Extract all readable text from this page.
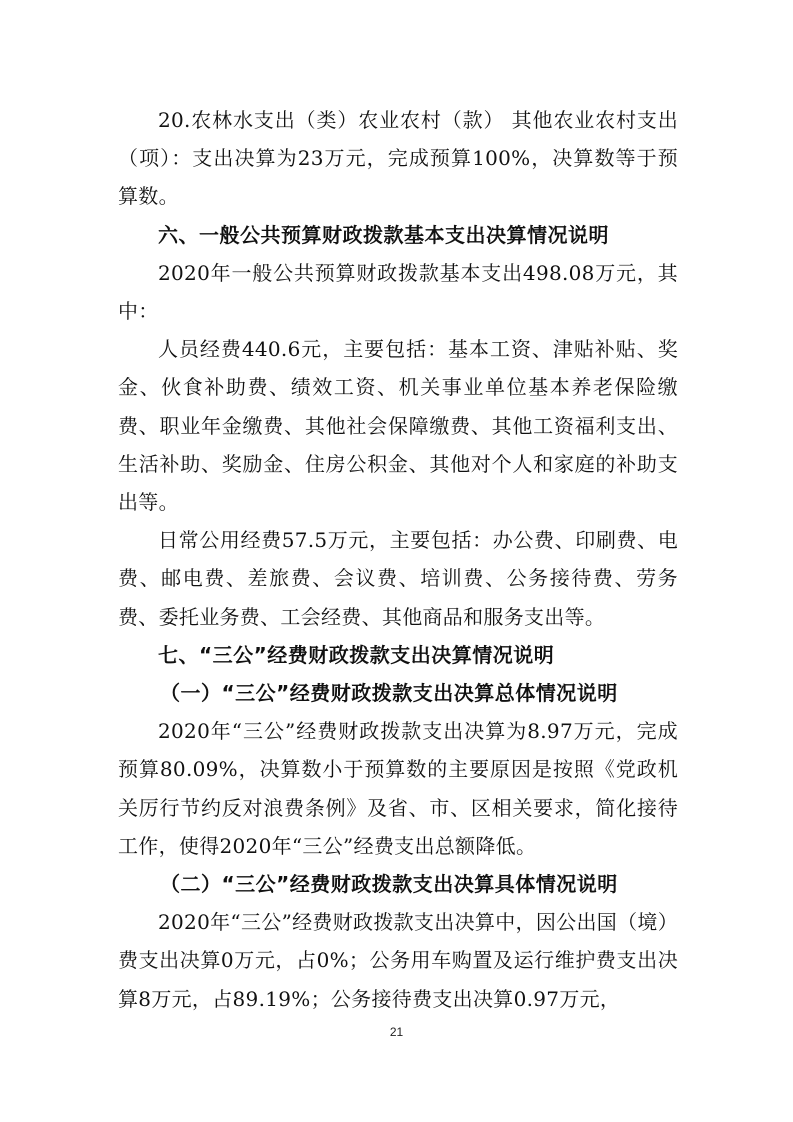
20.农林水支出（类）农业农村（款） 其他农业农村支出（项）：支出决算为23万元，完成预算100%，决算数等于预算数。

六、一般公共预算财政拨款基本支出决算情况说明

2020年一般公共预算财政拨款基本支出498.08万元，其中：

人员经费440.6元，主要包括：基本工资、津贴补贴、奖金、伙食补助费、绩效工资、机关事业单位基本养老保险缴费、职业年金缴费、其他社会保障缴费、其他工资福利支出、生活补助、奖励金、住房公积金、其他对个人和家庭的补助支出等。

日常公用经费57.5万元，主要包括：办公费、印刷费、电费、邮电费、差旅费、会议费、培训费、公务接待费、劳务费、委托业务费、工会经费、其他商品和服务支出等。

七、“三公”经费财政拨款支出决算情况说明

（一）“三公”经费财政拨款支出决算总体情况说明

2020年“三公”经费财政拨款支出决算为8.97万元，完成预算80.09%，决算数小于预算数的主要原因是按照《党政机关厉行节约反对浪费条例》及省、市、区相关要求，简化接待工作，使得2020年“三公”经费支出总额降低。

（二）“三公”经费财政拨款支出决算具体情况说明

2020年“三公”经费财政拨款支出决算中，因公出国（境）费支出决算0万元，占0%；公务用车购置及运行维护费支出决算8万元，占89.19%；公务接待费支出决算0.97万元，

21
